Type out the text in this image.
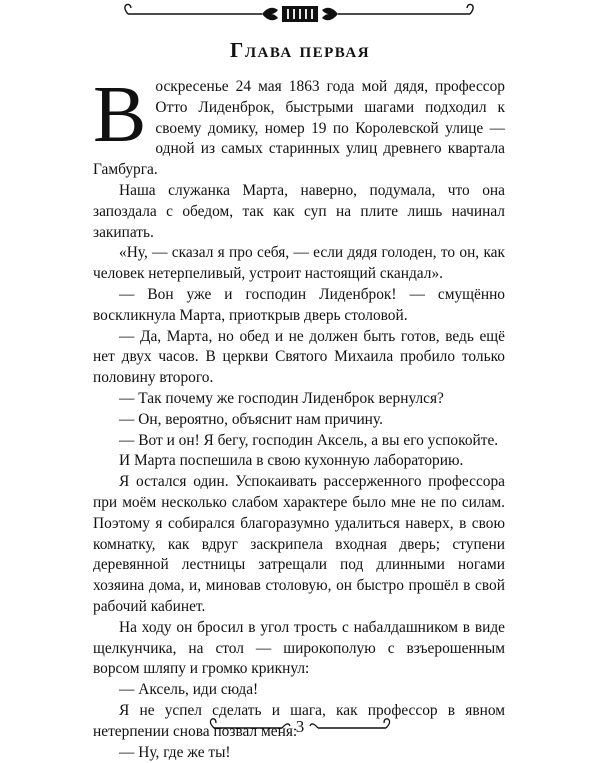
Глава первая

Воскресенье 24 мая 1863 года мой дядя, профессор Отто Лиденброк, быстрыми шагами подходил к своему домику, номер 19 по Королевской улице — одной из самых старинных улиц древнего квартала Гамбурга.

Наша служанка Марта, наверно, подумала, что она запоздала с обедом, так как суп на плите лишь начинал закипать.

«Ну, — сказал я про себя, — если дядя голоден, то он, как человек нетерпеливый, устроит настоящий скандал».

— Вон уже и господин Лиденброк! — смущённо воскликнула Марта, приоткрыв дверь столовой.

— Да, Марта, но обед и не должен быть готов, ведь ещё нет двух часов. В церкви Святого Михаила пробило только половину второго.

— Так почему же господин Лиденброк вернулся?

— Он, вероятно, объяснит нам причину.

— Вот и он! Я бегу, господин Аксель, а вы его успокойте.

И Марта поспешила в свою кухонную лабораторию.

Я остался один. Успокаивать рассерженного профессора при моём несколько слабом характере было мне не по силам. Поэтому я собирался благоразумно удалиться наверх, в свою комнатку, как вдруг заскрипела входная дверь; ступени деревянной лестницы затрещали под длинными ногами хозяина дома, и, миновав столовую, он быстро прошёл в свой рабочий кабинет.

На ходу он бросил в угол трость с набалдашником в виде щелкунчика, на стол — широкополую с взъерошенным ворсом шляпу и громко крикнул:

— Аксель, иди сюда!

Я не успел сделать и шага, как профессор в явном нетерпении снова позвал меня:

— Ну, где же ты!

3
